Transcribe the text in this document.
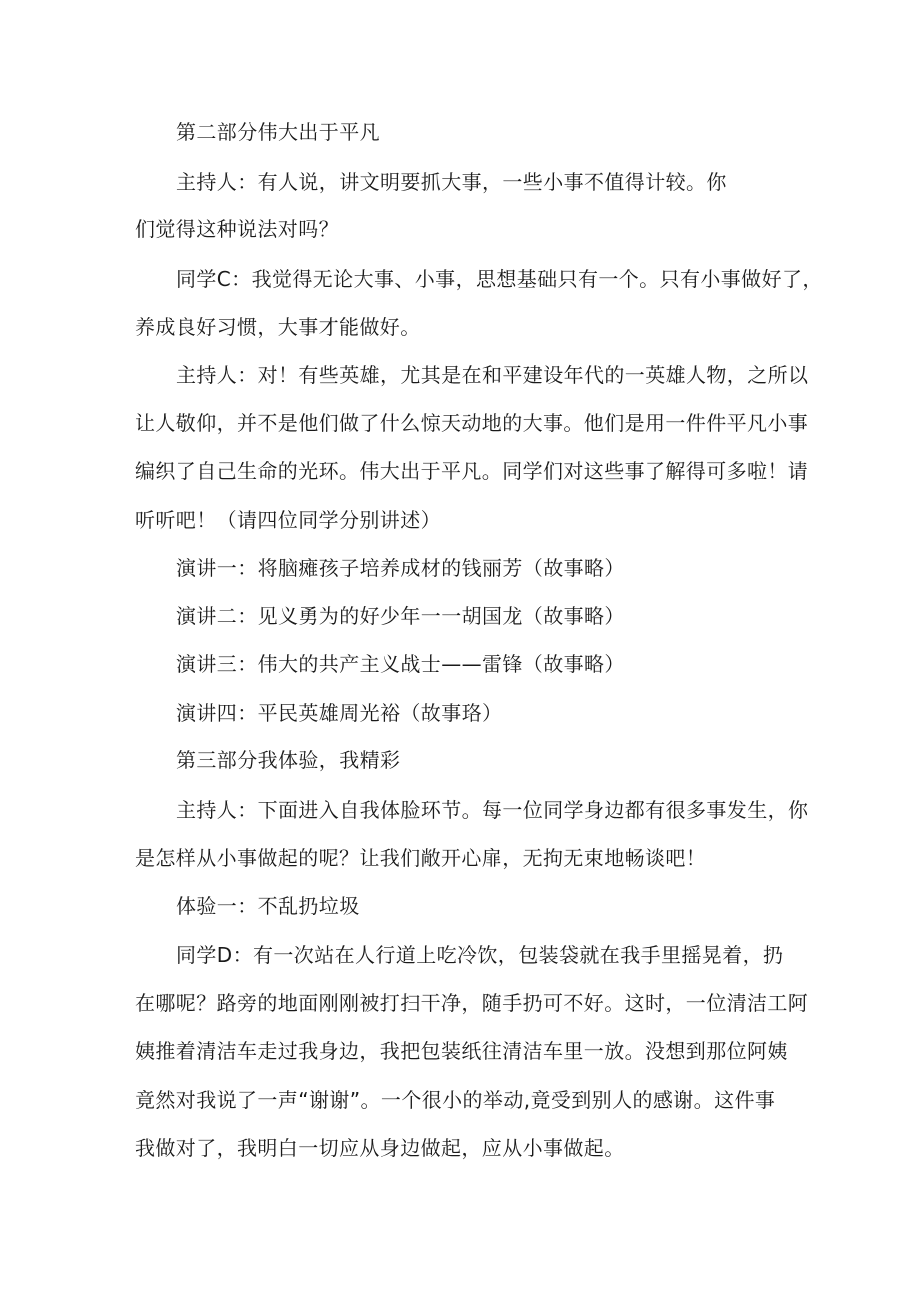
第二部分伟大出于平凡
主持人：有人说，讲文明要抓大事，一些小事不值得计较。你
们觉得这种说法对吗？
同学C：我觉得无论大事、小事，思想基础只有一个。只有小事做好了，
养成良好习惯，大事才能做好。
主持人：对！有些英雄，尤其是在和平建设年代的一英雄人物，之所以
让人敬仰，并不是他们做了什么惊天动地的大事。他们是用一件件平凡小事
编织了自己生命的光环。伟大出于平凡。同学们对这些事了解得可多啦！请
听听吧！（请四位同学分别讲述）
演讲一：将脑瘫孩子培养成材的钱丽芳（故事略）
演讲二：见义勇为的好少年一一胡国龙（故事略）
演讲三：伟大的共产主义战士——雷锋（故事略）
演讲四：平民英雄周光裕（故事珞）
第三部分我体验，我精彩
主持人：下面进入自我体脸环节。每一位同学身边都有很多事发生，你
是怎样从小事做起的呢？让我们敞开心扉，无拘无束地畅谈吧！
体验一：不乱扔垃圾
同学D：有一次站在人行道上吃冷饮，包装袋就在我手里摇晃着，扔
在哪呢？路旁的地面刚刚被打扫干净，随手扔可不好。这时，一位清洁工阿
姨推着清洁车走过我身边，我把包装纸往清洁车里一放。没想到那位阿姨
竟然对我说了一声“谢谢”。一个很小的举动,竟受到别人的感谢。这件事
我做对了，我明白一切应从身边做起，应从小事做起。
